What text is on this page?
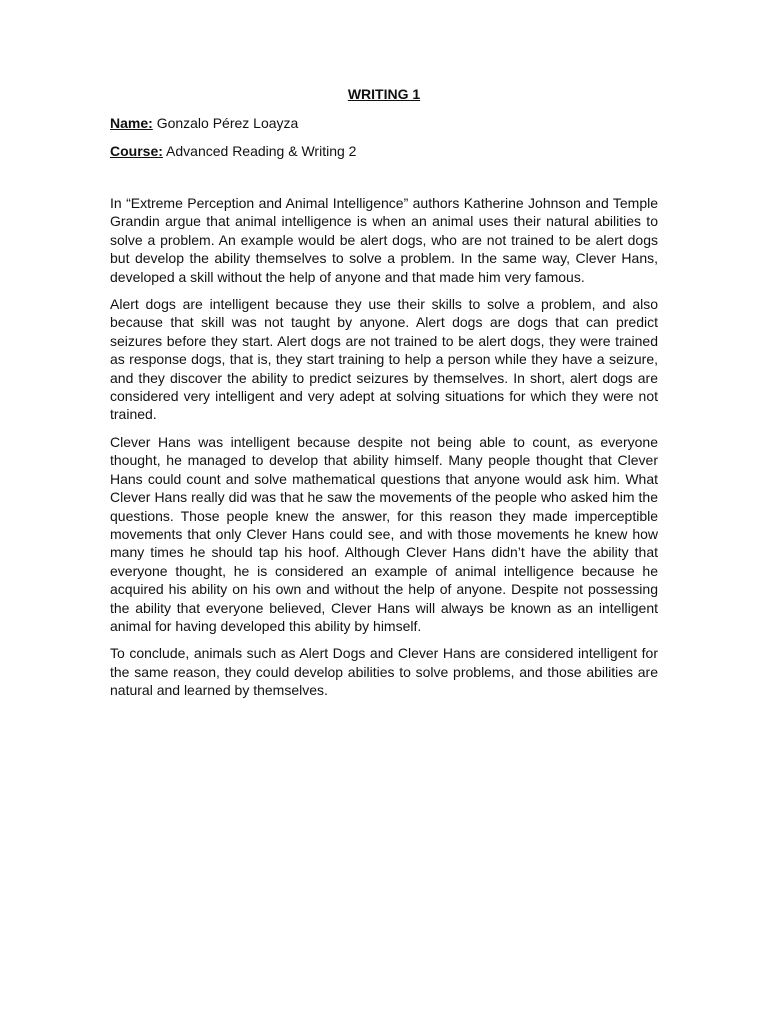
WRITING 1
Name: Gonzalo Pérez Loayza
Course: Advanced Reading & Writing 2

In “Extreme Perception and Animal Intelligence” authors Katherine Johnson and Temple Grandin argue that animal intelligence is when an animal uses their natural abilities to solve a problem. An example would be alert dogs, who are not trained to be alert dogs but develop the ability themselves to solve a problem. In the same way, Clever Hans, developed a skill without the help of anyone and that made him very famous.

Alert dogs are intelligent because they use their skills to solve a problem, and also because that skill was not taught by anyone. Alert dogs are dogs that can predict seizures before they start. Alert dogs are not trained to be alert dogs, they were trained as response dogs, that is, they start training to help a person while they have a seizure, and they discover the ability to predict seizures by themselves. In short, alert dogs are considered very intelligent and very adept at solving situations for which they were not trained.

Clever Hans was intelligent because despite not being able to count, as everyone thought, he managed to develop that ability himself. Many people thought that Clever Hans could count and solve mathematical questions that anyone would ask him. What Clever Hans really did was that he saw the movements of the people who asked him the questions. Those people knew the answer, for this reason they made imperceptible movements that only Clever Hans could see, and with those movements he knew how many times he should tap his hoof. Although Clever Hans didn’t have the ability that everyone thought, he is considered an example of animal intelligence because he acquired his ability on his own and without the help of anyone. Despite not possessing the ability that everyone believed, Clever Hans will always be known as an intelligent animal for having developed this ability by himself.

To conclude, animals such as Alert Dogs and Clever Hans are considered intelligent for the same reason, they could develop abilities to solve problems, and those abilities are natural and learned by themselves.
